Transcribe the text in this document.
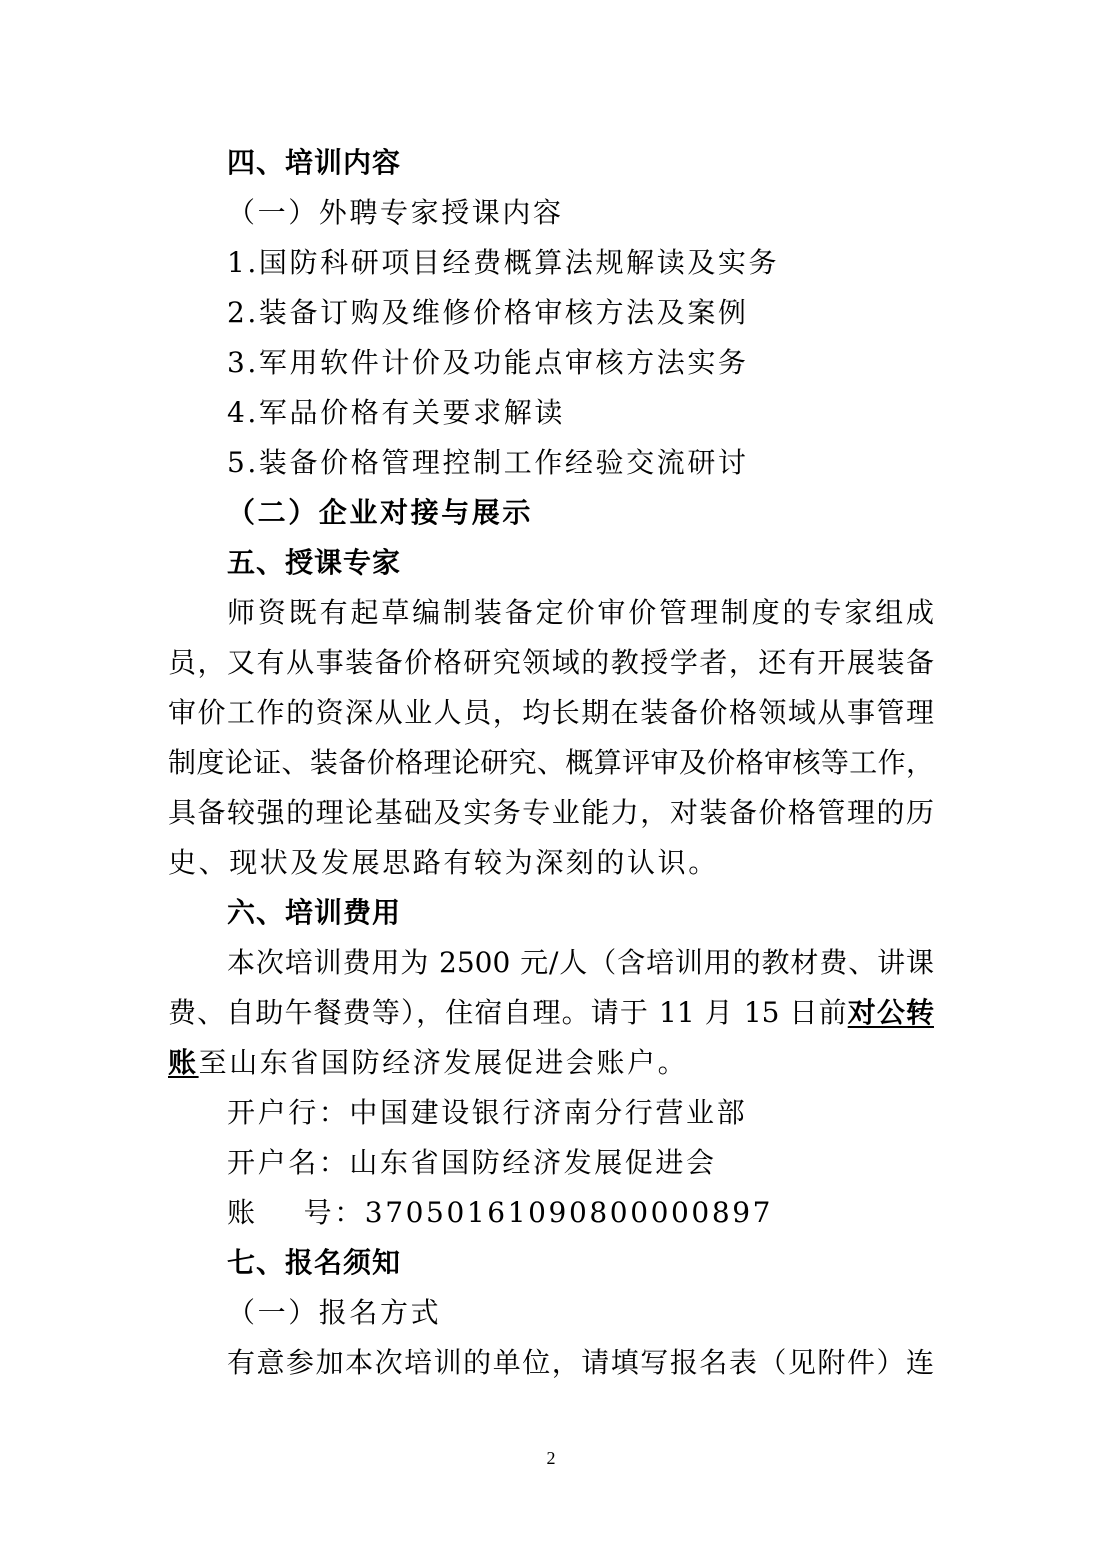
四、培训内容
（一）外聘专家授课内容
1.国防科研项目经费概算法规解读及实务
2.装备订购及维修价格审核方法及案例
3.军用软件计价及功能点审核方法实务
4.军品价格有关要求解读
5.装备价格管理控制工作经验交流研讨
（二）企业对接与展示
五、授课专家
师资既有起草编制装备定价审价管理制度的专家组成
员，又有从事装备价格研究领域的教授学者，还有开展装备
审价工作的资深从业人员，均长期在装备价格领域从事管理
制度论证、装备价格理论研究、概算评审及价格审核等工作，
具备较强的理论基础及实务专业能力，对装备价格管理的历
史、现状及发展思路有较为深刻的认识。
六、培训费用
本次培训费用为 2500 元/人（含培训用的教材费、讲课
费、自助午餐费等），住宿自理。请于 11 月 15 日前对公转
账至山东省国防经济发展促进会账户。
开户行：中国建设银行济南分行营业部
开户名：山东省国防经济发展促进会
账    号：37050161090800000897
七、报名须知
（一）报名方式
有意参加本次培训的单位，请填写报名表（见附件）连
2
